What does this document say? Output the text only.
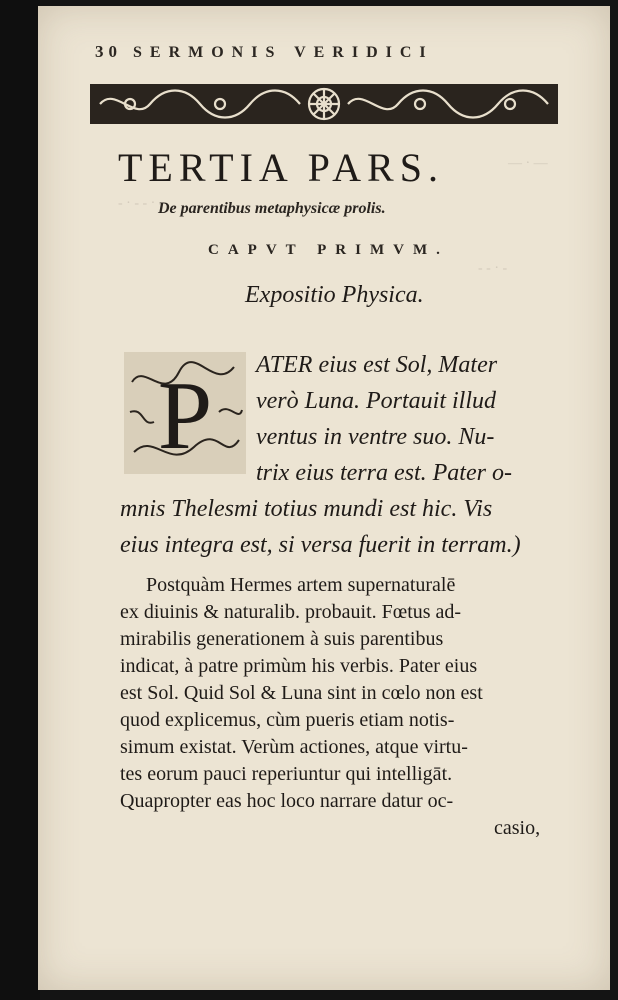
— · —
- · - - · -
- - · -
30 SERMONIS VERIDICI
TERTIA PARS.
De parentibus metaphysicæ prolis.
CAPVT PRIMVM.
Expositio Physica.
P ATER eius est Sol, Mater
verò Luna. Portauit illud
ventus in ventre suo. Nu-
trix eius terra est. Pater o-
mnis Thelesmi totius mundi est hic. Vis
eius integra est, si versa fuerit in terram.)
Postquàm Hermes artem supernaturalē
ex diuinis & naturalib. probauit. Fœtus ad-
mirabilis generationem à suis parentibus
indicat, à patre primùm his verbis. Pater eius
est Sol. Quid Sol & Luna sint in cœlo non est
quod explicemus, cùm pueris etiam notis-
simum existat. Verùm actiones, atque virtu-
tes eorum pauci reperiuntur qui intelligāt.
Quapropter eas hoc loco narrare datur oc-
casio,
